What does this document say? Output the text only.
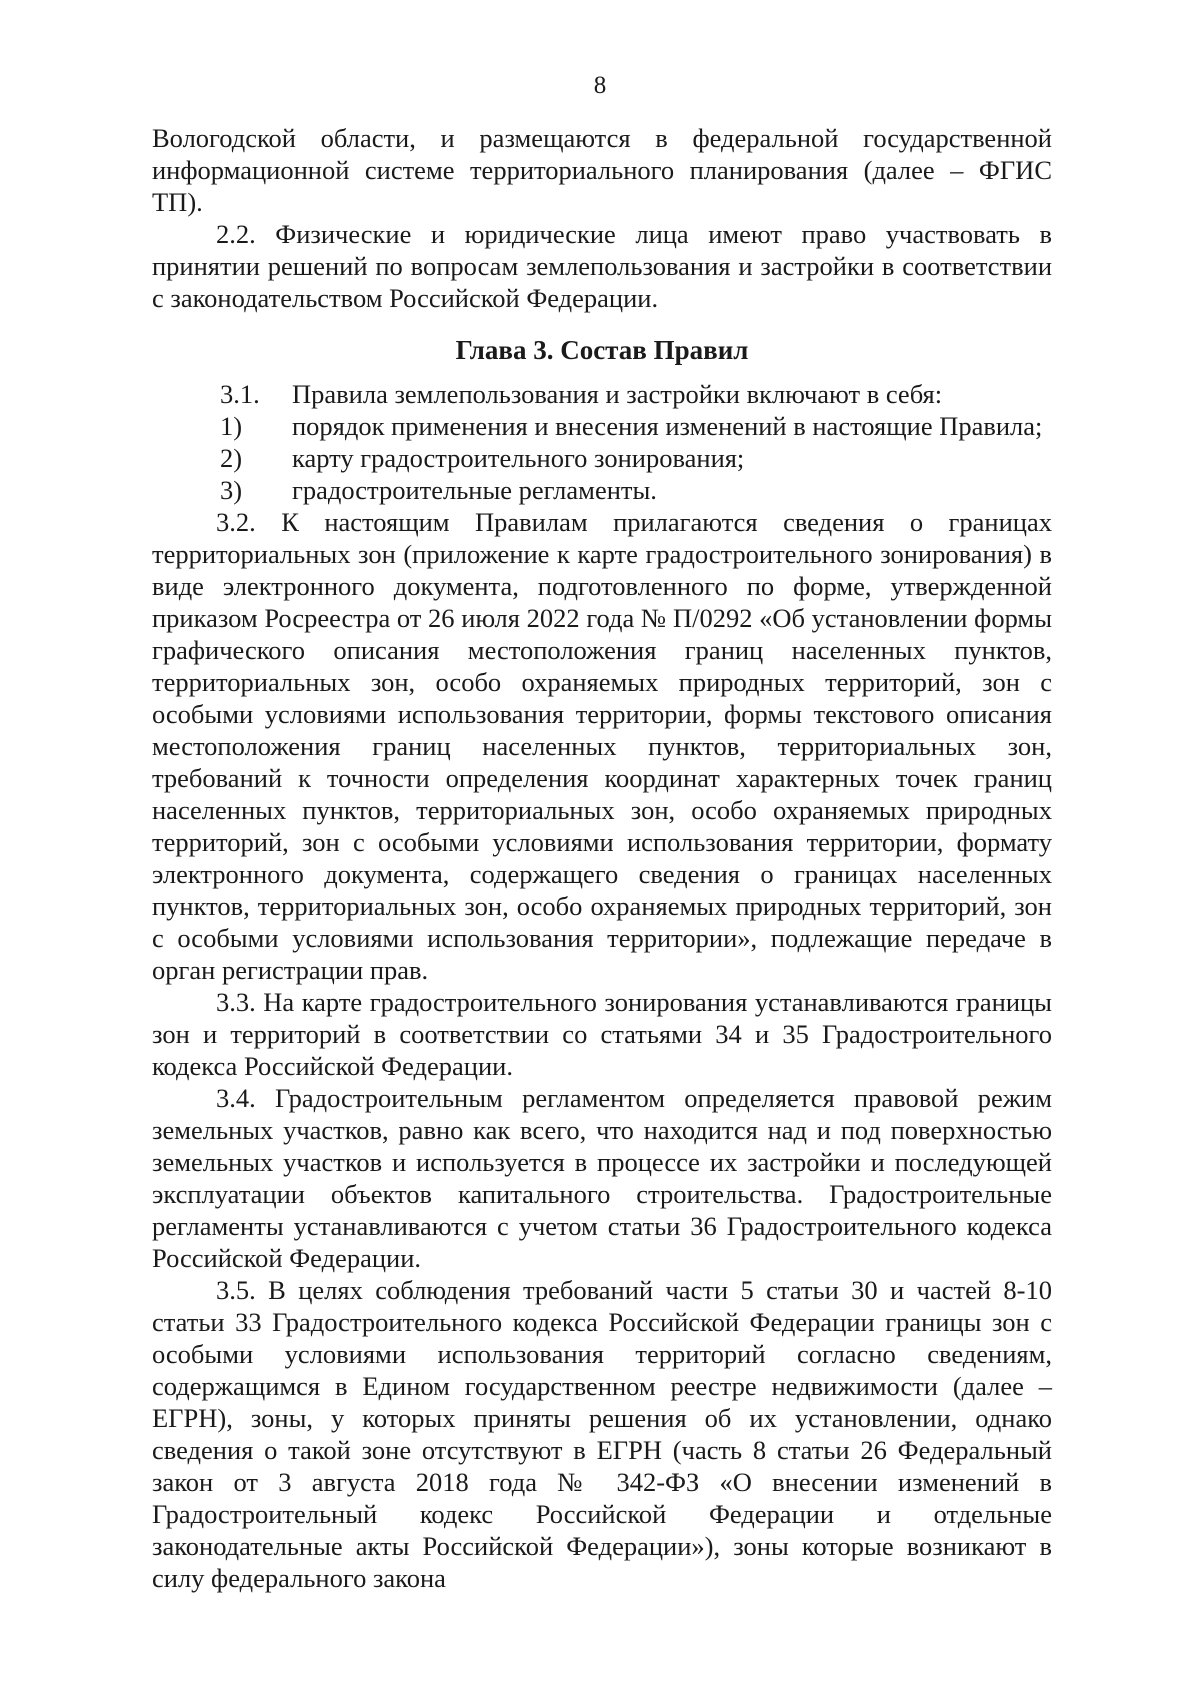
8

Вологодской области, и размещаются в федеральной государственной информационной системе территориального планирования (далее – ФГИС ТП).

2.2. Физические и юридические лица имеют право участвовать в принятии решений по вопросам землепользования и застройки в соответствии с законодательством Российской Федерации.

Глава 3. Состав Правил
3.1.	Правила землепользования и застройки включают в себя:
1)	порядок применения и внесения изменений в настоящие Правила;
2)	карту градостроительного зонирования;
3)	градостроительные регламенты.

3.2. К настоящим Правилам прилагаются сведения о границах территориальных зон (приложение к карте градостроительного зонирования) в виде электронного документа, подготовленного по форме, утвержденной приказом Росреестра от 26 июля 2022 года № П/0292 «Об установлении формы графического описания местоположения границ населенных пунктов, территориальных зон, особо охраняемых природных территорий, зон с особыми условиями использования территории, формы текстового описания местоположения границ населенных пунктов, территориальных зон, требований к точности определения координат характерных точек границ населенных пунктов, территориальных зон, особо охраняемых природных территорий, зон с особыми условиями использования территории, формату электронного документа, содержащего сведения о границах населенных пунктов, территориальных зон, особо охраняемых природных территорий, зон с особыми условиями использования территории», подлежащие передаче в орган регистрации прав.

3.3. На карте градостроительного зонирования устанавливаются границы зон и территорий в соответствии со статьями 34 и 35 Градостроительного кодекса Российской Федерации.

3.4. Градостроительным регламентом определяется правовой режим земельных участков, равно как всего, что находится над и под поверхностью земельных участков и используется в процессе их застройки и последующей эксплуатации объектов капитального строительства. Градостроительные регламенты устанавливаются с учетом статьи 36 Градостроительного кодекса Российской Федерации.

3.5. В целях соблюдения требований части 5 статьи 30 и частей 8-10 статьи 33 Градостроительного кодекса Российской Федерации границы зон с особыми условиями использования территорий согласно сведениям, содержащимся в Едином государственном реестре недвижимости (далее – ЕГРН), зоны, у которых приняты решения об их установлении, однако сведения о такой зоне отсутствуют в ЕГРН (часть 8 статьи 26 Федеральный закон от 3 августа 2018 года № 342-ФЗ «О внесении изменений в Градостроительный кодекс Российской Федерации и отдельные законодательные акты Российской Федерации»), зоны которые возникают в силу федерального закона
